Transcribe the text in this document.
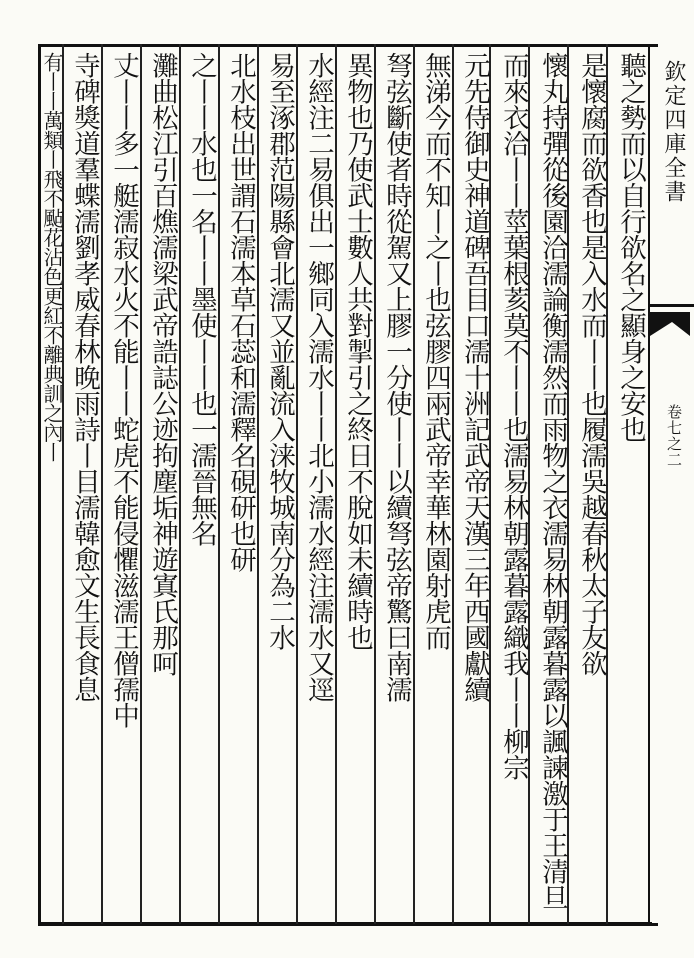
欽定四庫全書
卷七之二
聽之勢而以自行欲名之顯身之安也
是懷腐而欲香也是入水而丨丨也履濡吳越春秋太子友欲
懷丸持彈從後園洽濡論衡濡然而雨物之衣濡易林朝露暮露以諷諫激于王清旦
而來衣洽丨丨莖葉根荄莫不丨丨也濡易林朝露暮露織我丨丨柳宗
元先侍御史神道碑吾目口濡十洲記武帝天漢三年西國獻續
無涕今而不知丨之丨也弦膠四兩武帝幸華林園射虎而
弩弦斷使者時從駕又上膠一分使丨丨以續弩弦帝驚曰南濡
異物也乃使武士數人共對掣引之終日不脫如未續時也
水經注二易俱出一鄉同入濡水丨丨北小濡水經注濡水又逕
易至涿郡范陽縣會北濡又並亂流入涞牧城南分為二水
北水枝出世謂石濡本草石蕊和濡釋名硯研也研
之丨丨水也一名丨丨墨使丨丨也一濡晉無名
灘曲松江引百燋濡梁武帝誥誌公迹拘塵垢神遊寘氏那呵
丈丨丨多一艇濡寂水火不能丨丨蛇虎不能侵懼滋濡王僧孺中
寺碑獎道羣蝶濡劉孝威春林晚雨詩丨目濡韓愈文生長食息
有丨丨萬類丨飛不颭花沾色更紅不離典訓之內丨
